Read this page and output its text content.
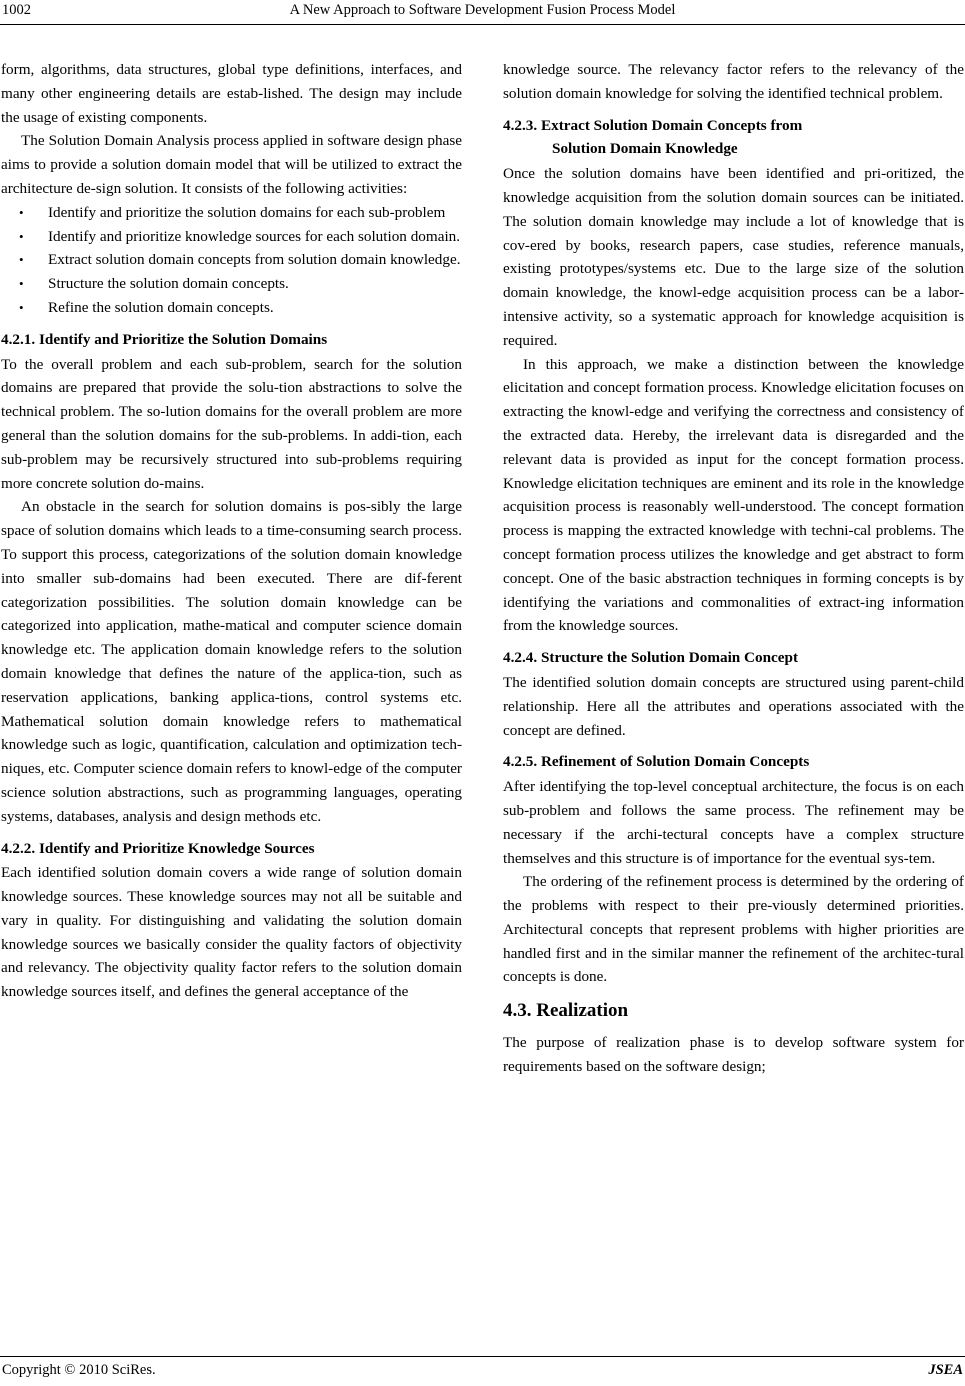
1002	A New Approach to Software Development Fusion Process Model

form, algorithms, data structures, global type definitions, interfaces, and many other engineering details are estab-lished. The design may include the usage of existing components.

The Solution Domain Analysis process applied in software design phase aims to provide a solution domain model that will be utilized to extract the architecture de-sign solution. It consists of the following activities:

• Identify and prioritize the solution domains for each sub-problem
• Identify and prioritize knowledge sources for each solution domain.
• Extract solution domain concepts from solution domain knowledge.
• Structure the solution domain concepts.
• Refine the solution domain concepts.
4.2.1. Identify and Prioritize the Solution Domains

To the overall problem and each sub-problem, search for the solution domains are prepared that provide the solu-tion abstractions to solve the technical problem. The so-lution domains for the overall problem are more general than the solution domains for the sub-problems. In addi-tion, each sub-problem may be recursively structured into sub-problems requiring more concrete solution do-mains.

An obstacle in the search for solution domains is pos-sibly the large space of solution domains which leads to a time-consuming search process. To support this process, categorizations of the solution domain knowledge into smaller sub-domains had been executed. There are dif-ferent categorization possibilities. The solution domain knowledge can be categorized into application, mathe-matical and computer science domain knowledge etc. The application domain knowledge refers to the solution domain knowledge that defines the nature of the applica-tion, such as reservation applications, banking applica-tions, control systems etc. Mathematical solution domain knowledge refers to mathematical knowledge such as logic, quantification, calculation and optimization tech-niques, etc. Computer science domain refers to knowl-edge of the computer science solution abstractions, such as programming languages, operating systems, databases, analysis and design methods etc.

4.2.2. Identify and Prioritize Knowledge Sources

Each identified solution domain covers a wide range of solution domain knowledge sources. These knowledge sources may not all be suitable and vary in quality. For distinguishing and validating the solution domain knowledge sources we basically consider the quality factors of objectivity and relevancy. The objectivity quality factor refers to the solution domain knowledge sources itself, and defines the general acceptance of the

knowledge source. The relevancy factor refers to the relevancy of the solution domain knowledge for solving the identified technical problem.

4.2.3. Extract Solution Domain Concepts from
Solution Domain Knowledge

Once the solution domains have been identified and pri-oritized, the knowledge acquisition from the solution domain sources can be initiated. The solution domain knowledge may include a lot of knowledge that is cov-ered by books, research papers, case studies, reference manuals, existing prototypes/systems etc. Due to the large size of the solution domain knowledge, the knowl-edge acquisition process can be a labor-intensive activity, so a systematic approach for knowledge acquisition is required.

In this approach, we make a distinction between the knowledge elicitation and concept formation process. Knowledge elicitation focuses on extracting the knowl-edge and verifying the correctness and consistency of the extracted data. Hereby, the irrelevant data is disregarded and the relevant data is provided as input for the concept formation process. Knowledge elicitation techniques are eminent and its role in the knowledge acquisition process is reasonably well-understood. The concept formation process is mapping the extracted knowledge with techni-cal problems. The concept formation process utilizes the knowledge and get abstract to form concept. One of the basic abstraction techniques in forming concepts is by identifying the variations and commonalities of extract-ing information from the knowledge sources.

4.2.4. Structure the Solution Domain Concept

The identified solution domain concepts are structured using parent-child relationship. Here all the attributes and operations associated with the concept are defined.

4.2.5. Refinement of Solution Domain Concepts

After identifying the top-level conceptual architecture, the focus is on each sub-problem and follows the same process. The refinement may be necessary if the archi-tectural concepts have a complex structure themselves and this structure is of importance for the eventual sys-tem.

The ordering of the refinement process is determined by the ordering of the problems with respect to their pre-viously determined priorities. Architectural concepts that represent problems with higher priorities are handled first and in the similar manner the refinement of the architec-tural concepts is done.

4.3. Realization

The purpose of realization phase is to develop software system for requirements based on the software design;

Copyright © 2010 SciRes.	JSEA
